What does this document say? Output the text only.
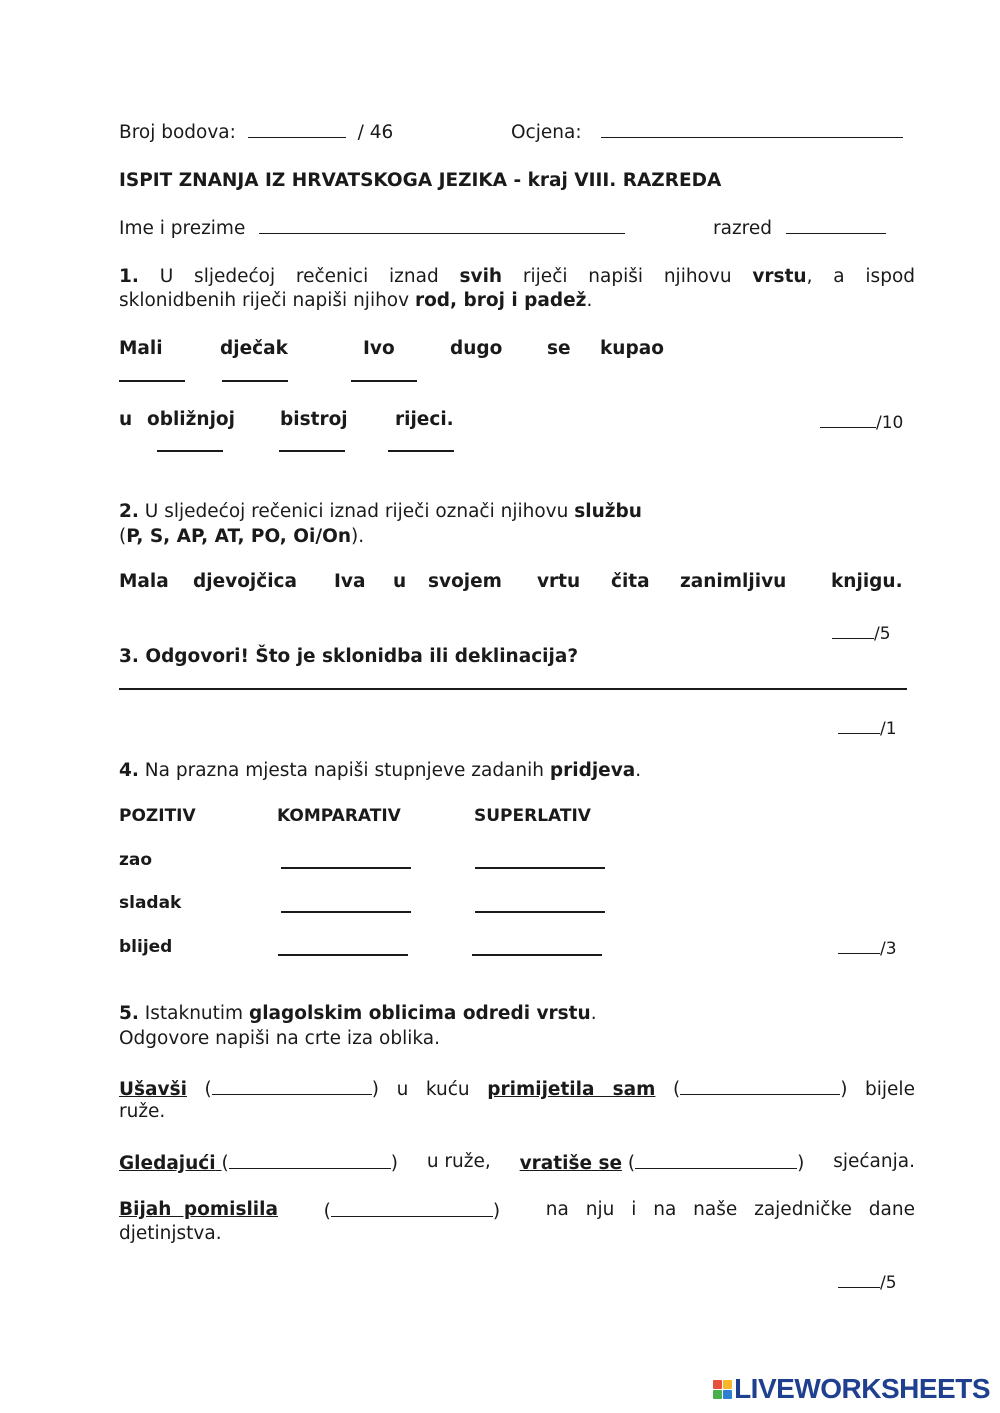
Broj bodova:	/ 46	Ocjena:
ISPIT ZNANJA IZ HRVATSKOGA JEZIKA - kraj VIII. RAZREDA
Ime i prezime	razred
1. U sljedećoj rečenici iznad svih riječi napiši njihovu vrstu, a ispod
sklonidbenih riječi napiši njihov rod, broj i padež.
Mali	dječak	Ivo	dugo se kupao
u obližnjoj bistroj	rijeci.	/10
2. U sljedećoj rečenici iznad riječi označi njihovu službu
(P, S, AP, AT, PO, Oi/On).
Mala djevojčica Iva u svojem vrtu čita zanimljivu knjigu.
/5
3. Odgovori! Što je sklonidba ili deklinacija?
/1
4. Na prazna mjesta napiši stupnjeve zadanih pridjeva.
POZITIV	KOMPARATIV	SUPERLATIV
zao
sladak
blijed	/3
5. Istaknutim glagolskim oblicima odredi vrstu.
Odgovore napiši na crte iza oblika.
Ušavši (	) u kuću primijetila sam (	) bijele
ruže.
Gledajući (	) u ruže, vratiše se (	) sjećanja.
Bijah pomislila (	) na nju i na naše zajedničke dane
djetinjstva.
/5
LIVEWORKSHEETS
